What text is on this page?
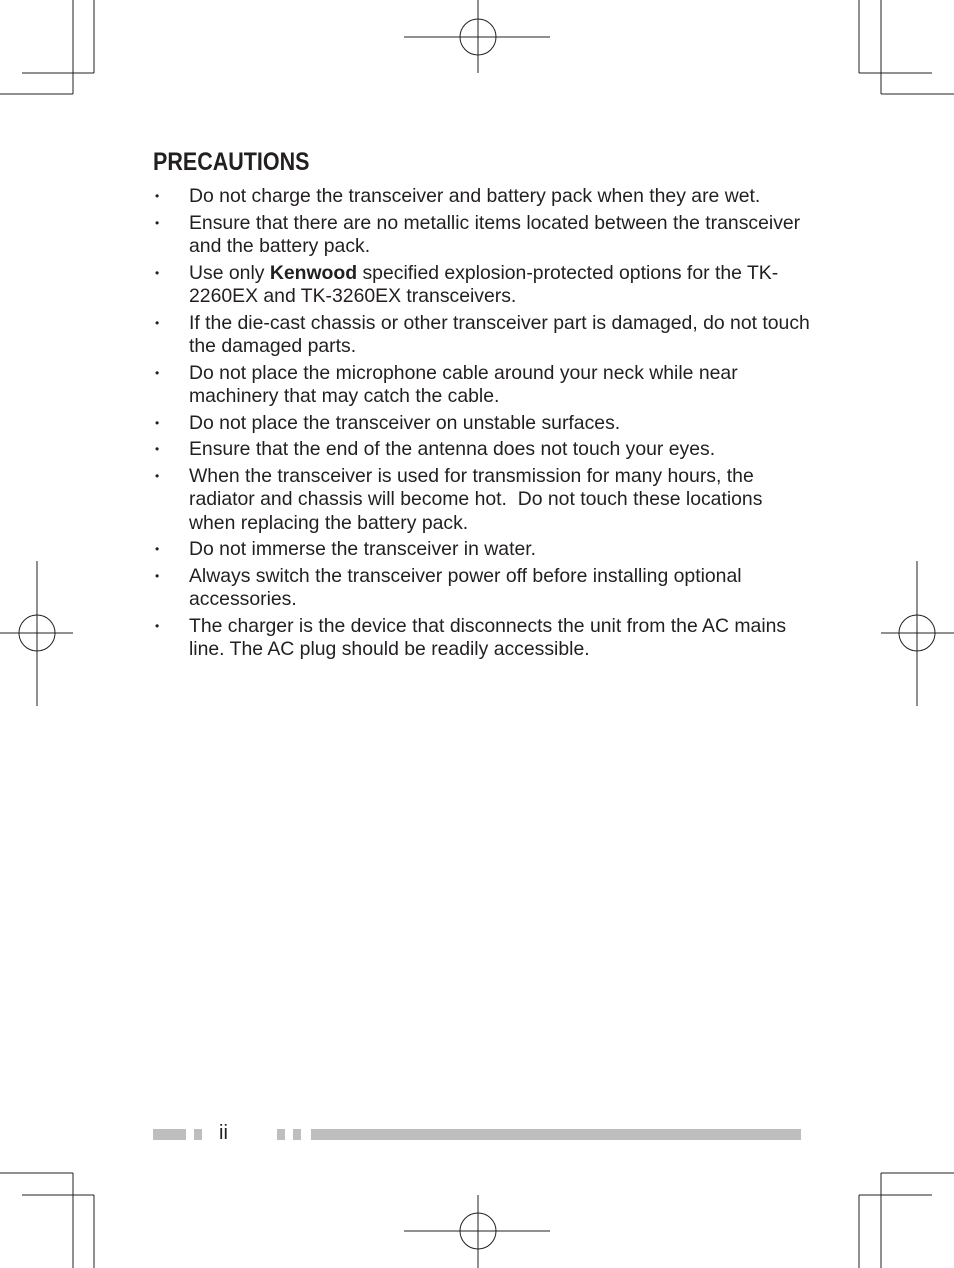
PRECAUTIONS
• Do not charge the transceiver and battery pack when they are wet.
• Ensure that there are no metallic items located between the transceiver and the battery pack.
• Use only Kenwood specified explosion-protected options for the TK-2260EX and TK-3260EX transceivers.
• If the die-cast chassis or other transceiver part is damaged, do not touch the damaged parts.
• Do not place the microphone cable around your neck while near machinery that may catch the cable.
• Do not place the transceiver on unstable surfaces.
• Ensure that the end of the antenna does not touch your eyes.
• When the transceiver is used for transmission for many hours, the radiator and chassis will become hot.  Do not touch these locations when replacing the battery pack.
• Do not immerse the transceiver in water.
• Always switch the transceiver power off before installing optional accessories.
• The charger is the device that disconnects the unit from the AC mains line. The AC plug should be readily accessible.
ii
